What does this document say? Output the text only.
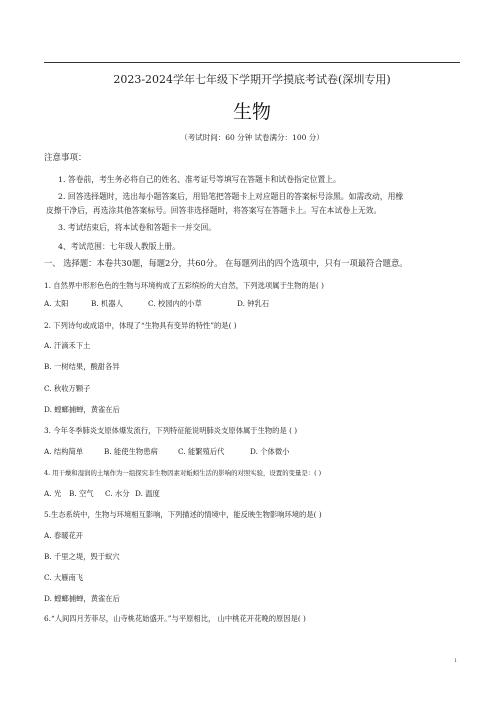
2023-2024学年七年级下学期开学摸底考试卷(深圳专用)
生物
（考试时间：60 分钟 试卷满分：100 分）
注意事项：
1. 答卷前，考生务必将自己的姓名、准考证号等填写在答题卡和试卷指定位置上。
2. 回答选择题时，选出每小题答案后，用铅笔把答题卡上对应题目的答案标号涂黑。如需改动，用橡
皮擦干净后，再选涂其他答案标号。回答非选择题时，将答案写在答题卡上。写在本试卷上无效。
3. 考试结束后，将本试卷和答题卡一并交回。
4、考试范围：七年级人教版上册。
一、 选择题：本卷共30题，每题2分，共60分。 在每题列出的四个选项中，只有一项最符合题意。
1. 自然界中形形色色的生物与环境构成了五彩缤纷的大自然，下列选项属于生物的是( )
A. 太阳	B. 机器人	C. 校园内的小草	D. 钟乳石
2. 下列诗句或成语中，体现了“生物具有变异的特性”的是( )
A. 汗滴禾下土
B. 一树结果，酸甜各异
C. 秋收万颗子
D. 螳螂捕蝉，黄雀在后
3. 今年冬季肺炎支原体爆发流行，下列特征能说明肺炎支原体属于生物的是 ( )
A. 结构简单	B. 能使生物患病	C. 能繁殖后代	D. 个体微小
4. 用干燥和湿润的土壤作为一组探究非生物因素对蚯蚓生活的影响的对照实验，设置的变量是：( )
A. 光 B. 空气 C. 水分 D. 温度
5.生态系统中，生物与环境相互影响，下列描述的情境中，能反映生物影响环境的是( )
A. 春暖花开
B. 千里之堤，毁于蚁穴
C. 大雁南飞
D. 螳螂捕蝉，黄雀在后
6.“人间四月芳菲尽，山寺桃花始盛开。”与平原相比， 山中桃花开花晚的原因是( )
1
